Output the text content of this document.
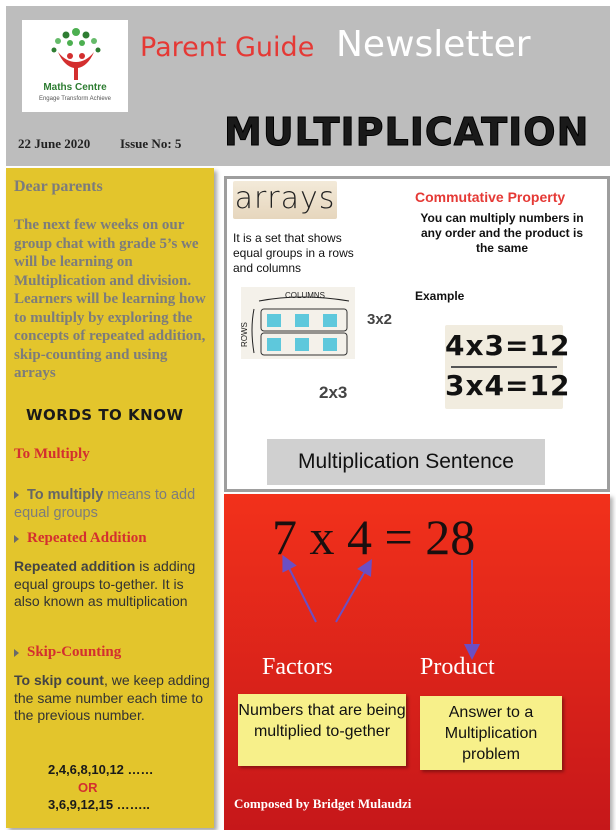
Maths Centre
Engage Transform Achieve
Parent Guide Newsletter
22 June 2020 Issue No: 5 MULTIPLICATION
Dear parents
The next few weeks on our group chat with grade 5’s we will be learning on Multiplication and division. Learners will be learning how to multiply by exploring the concepts of repeated addition, skip-counting and using arrays
WORDS TO KNOW
To Multiply
To multiply means to add equal groups
Repeated Addition
Repeated addition is adding equal groups to-gether. It is also known as multiplication
Skip-Counting
To skip count, we keep adding the same number each time to the previous number.
2,4,6,8,10,12 ……
OR
3,6,9,12,15 ……..
arrays
It is a set that shows equal groups in a rows and columns
COLUMNS
ROWS
3x2
2x3
Commutative Property
You can multiply numbers in any order and the product is the same
Example
4x3=12
3x4=12
Multiplication Sentence
7 x 4 = 28
Factors	Product
Numbers that are being multiplied to-gether
Answer to a Multiplication problem
Composed by Bridget Mulaudzi
